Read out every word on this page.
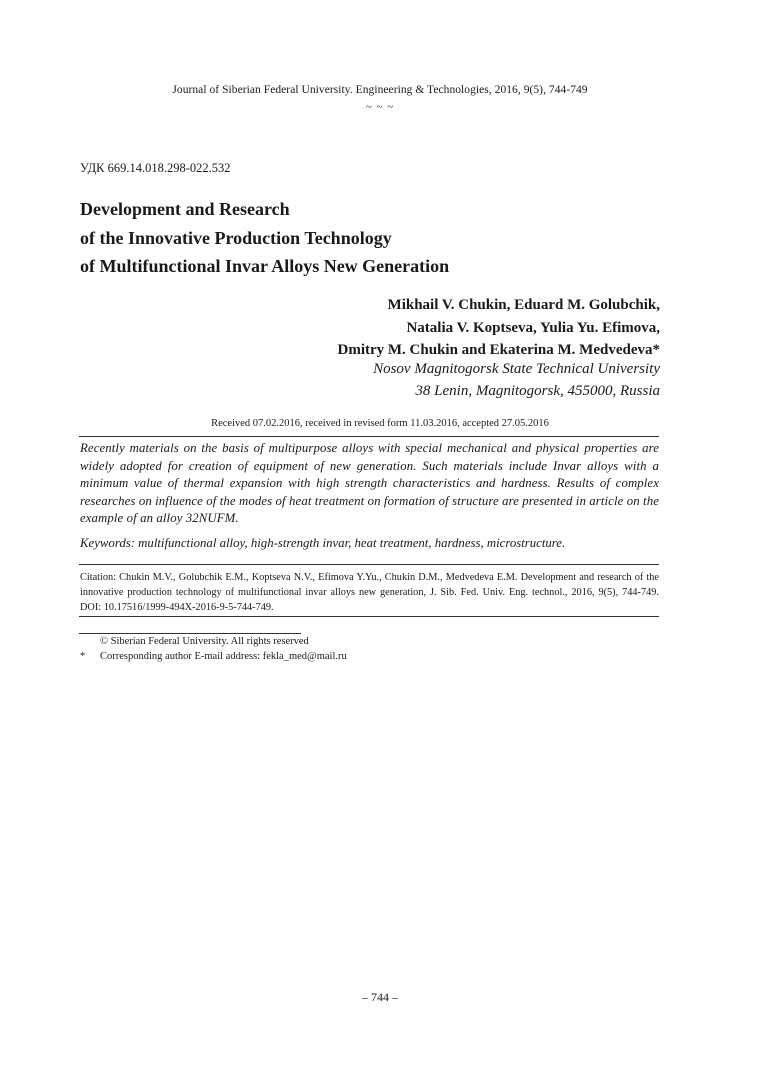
Journal of Siberian Federal University. Engineering & Technologies, 2016, 9(5), 744-749
~ ~ ~
УДК 669.14.018.298-022.532
Development and Research
of the Innovative Production Technology
of Multifunctional Invar Alloys New Generation
Mikhail V. Chukin, Eduard M. Golubchik,
Natalia V. Koptseva, Yulia Yu. Efimova,
Dmitry M. Chukin and Ekaterina M. Medvedeva*
Nosov Magnitogorsk State Technical University
38 Lenin, Magnitogorsk, 455000, Russia
Received 07.02.2016, received in revised form 11.03.2016, accepted 27.05.2016
Recently materials on the basis of multipurpose alloys with special mechanical and physical properties are widely adopted for creation of equipment of new generation. Such materials include Invar alloys with a minimum value of thermal expansion with high strength characteristics and hardness. Results of complex researches on influence of the modes of heat treatment on formation of structure are presented in article on the example of an alloy 32NUFM.
Keywords: multifunctional alloy, high-strength invar, heat treatment, hardness, microstructure.
Citation: Chukin M.V., Golubchik E.M., Koptseva N.V., Efimova Y.Yu., Chukin D.M., Medvedeva E.M. Development and research of the innovative production technology of multifunctional invar alloys new generation, J. Sib. Fed. Univ. Eng. technol., 2016, 9(5), 744-749. DOI: 10.17516/1999-494X-2016-9-5-744-749.
© Siberian Federal University. All rights reserved
* Corresponding author E-mail address: fekla_med@mail.ru
– 744 –
